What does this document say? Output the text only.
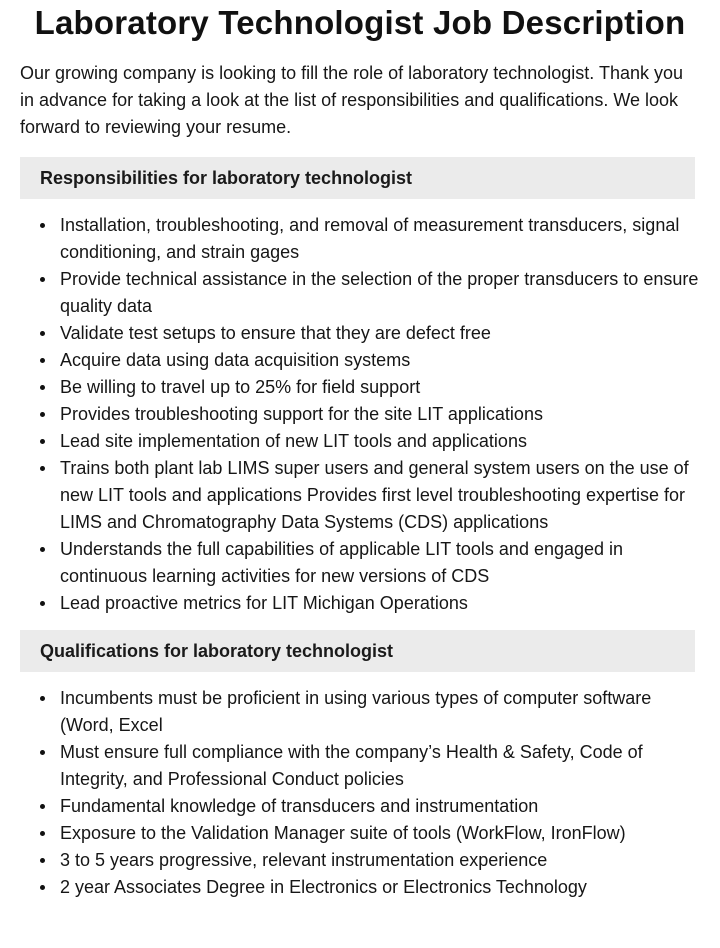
Laboratory Technologist Job Description

Our growing company is looking to fill the role of laboratory technologist. Thank you in advance for taking a look at the list of responsibilities and qualifications. We look forward to reviewing your resume.

Responsibilities for laboratory technologist
Installation, troubleshooting, and removal of measurement transducers, signal conditioning, and strain gages
Provide technical assistance in the selection of the proper transducers to ensure quality data
Validate test setups to ensure that they are defect free
Acquire data using data acquisition systems
Be willing to travel up to 25% for field support
Provides troubleshooting support for the site LIT applications
Lead site implementation of new LIT tools and applications
Trains both plant lab LIMS super users and general system users on the use of new LIT tools and applications Provides first level troubleshooting expertise for LIMS and Chromatography Data Systems (CDS) applications
Understands the full capabilities of applicable LIT tools and engaged in continuous learning activities for new versions of CDS
Lead proactive metrics for LIT Michigan Operations
Qualifications for laboratory technologist
Incumbents must be proficient in using various types of computer software (Word, Excel
Must ensure full compliance with the company’s Health & Safety, Code of Integrity, and Professional Conduct policies
Fundamental knowledge of transducers and instrumentation
Exposure to the Validation Manager suite of tools (WorkFlow, IronFlow)
3 to 5 years progressive, relevant instrumentation experience
2 year Associates Degree in Electronics or Electronics Technology
